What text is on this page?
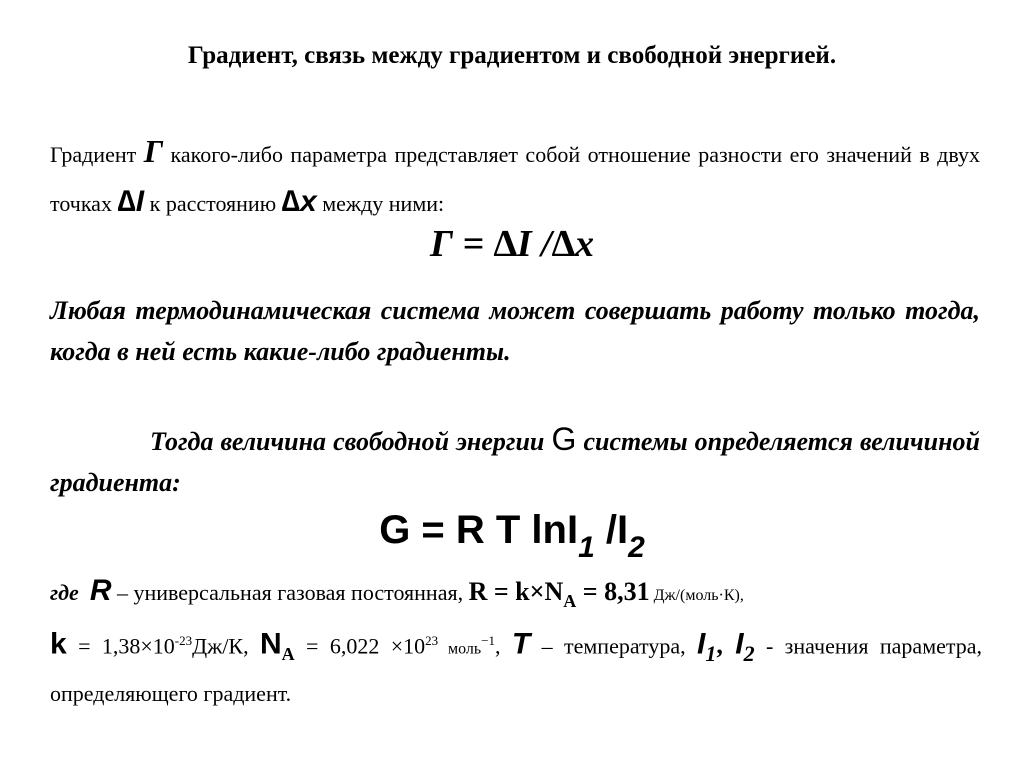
Градиент, связь между градиентом и свободной энергией.
Градиент Г какого-либо параметра представляет собой отношение разности его значений в двух точках ∆I к расстоянию ∆х между ними:
Г = ∆I /∆x
Любая термодинамическая система может совершать работу только тогда, когда в ней есть какие-либо градиенты.
Тогда величина свободной энергии G системы определяется величиной градиента:
G = R T lnI$_1$ $/I_2$
где R – универсальная газовая постоянная, $R = k\times N_A = 8,31$ Дж/(моль·К),
$k = 1,38\times 10^{-23}Дж/К$, $N_A = 6,022 \times 10^{23}$ моль$^{-1}$, T – температура, I1, I2 - значения параметра, определяющего градиент.
